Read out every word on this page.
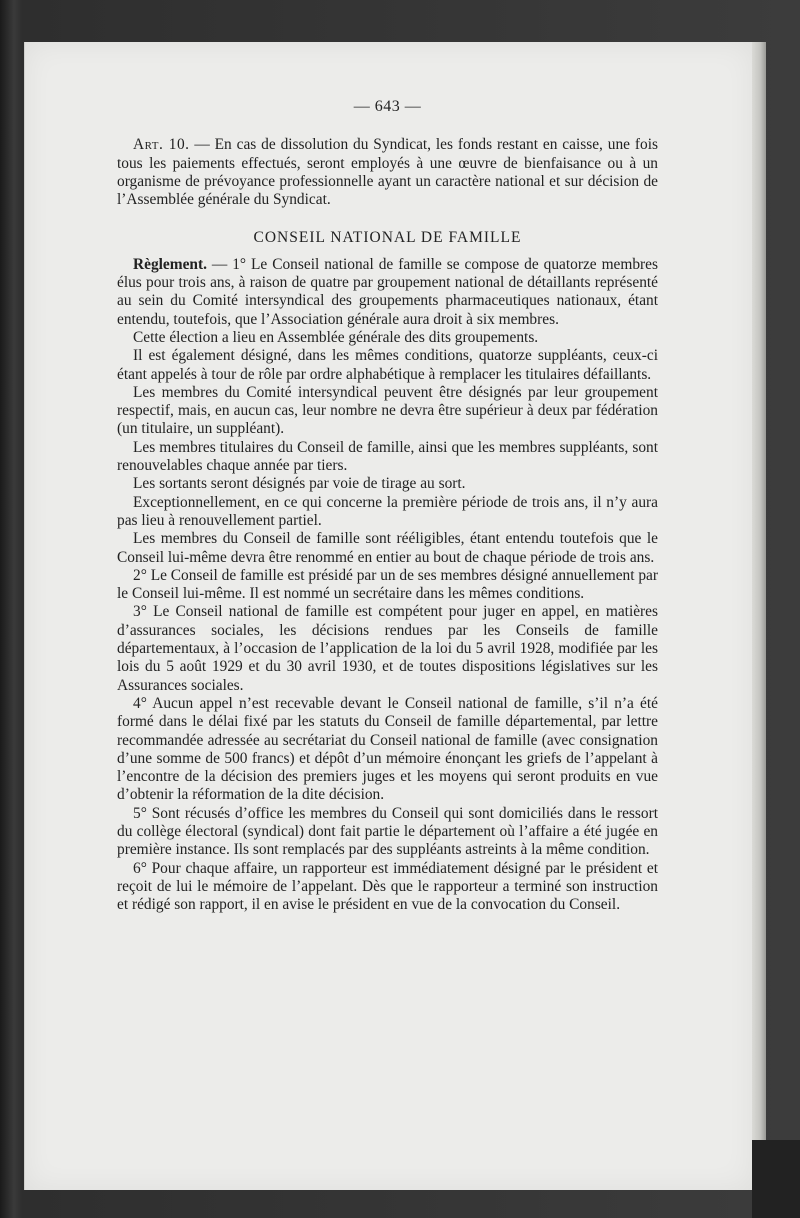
— 643 —

Art. 10. — En cas de dissolution du Syndicat, les fonds restant en caisse, une fois tous les paiements effectués, seront employés à une œuvre de bienfaisance ou à un organisme de prévoyance professionnelle ayant un caractère national et sur décision de l’Assemblée générale du Syndicat.

CONSEIL NATIONAL DE FAMILLE

Règlement. — 1° Le Conseil national de famille se compose de quatorze membres élus pour trois ans, à raison de quatre par groupement national de détaillants représenté au sein du Comité intersyndical des groupements pharmaceutiques nationaux, étant entendu, toutefois, que l’Association générale aura droit à six membres.

Cette élection a lieu en Assemblée générale des dits groupements.

Il est également désigné, dans les mêmes conditions, quatorze suppléants, ceux-ci étant appelés à tour de rôle par ordre alphabétique à remplacer les titulaires défaillants.

Les membres du Comité intersyndical peuvent être désignés par leur groupement respectif, mais, en aucun cas, leur nombre ne devra être supérieur à deux par fédération (un titulaire, un suppléant).

Les membres titulaires du Conseil de famille, ainsi que les membres suppléants, sont renouvelables chaque année par tiers.

Les sortants seront désignés par voie de tirage au sort.

Exceptionnellement, en ce qui concerne la première période de trois ans, il n’y aura pas lieu à renouvellement partiel.

Les membres du Conseil de famille sont rééligibles, étant entendu toutefois que le Conseil lui-même devra être renommé en entier au bout de chaque période de trois ans.

2° Le Conseil de famille est présidé par un de ses membres désigné annuellement par le Conseil lui-même. Il est nommé un secrétaire dans les mêmes conditions.

3° Le Conseil national de famille est compétent pour juger en appel, en matières d’assurances sociales, les décisions rendues par les Conseils de famille départementaux, à l’occasion de l’application de la loi du 5 avril 1928, modifiée par les lois du 5 août 1929 et du 30 avril 1930, et de toutes dispositions législatives sur les Assurances sociales.

4° Aucun appel n’est recevable devant le Conseil national de famille, s’il n’a été formé dans le délai fixé par les statuts du Conseil de famille départemental, par lettre recommandée adressée au secrétariat du Conseil national de famille (avec consignation d’une somme de 500 francs) et dépôt d’un mémoire énonçant les griefs de l’appelant à l’encontre de la décision des premiers juges et les moyens qui seront produits en vue d’obtenir la réformation de la dite décision.

5° Sont récusés d’office les membres du Conseil qui sont domiciliés dans le ressort du collège électoral (syndical) dont fait partie le département où l’affaire a été jugée en première instance. Ils sont remplacés par des suppléants astreints à la même condition.

6° Pour chaque affaire, un rapporteur est immédiatement désigné par le président et reçoit de lui le mémoire de l’appelant. Dès que le rapporteur a terminé son instruction et rédigé son rapport, il en avise le président en vue de la convocation du Conseil.
